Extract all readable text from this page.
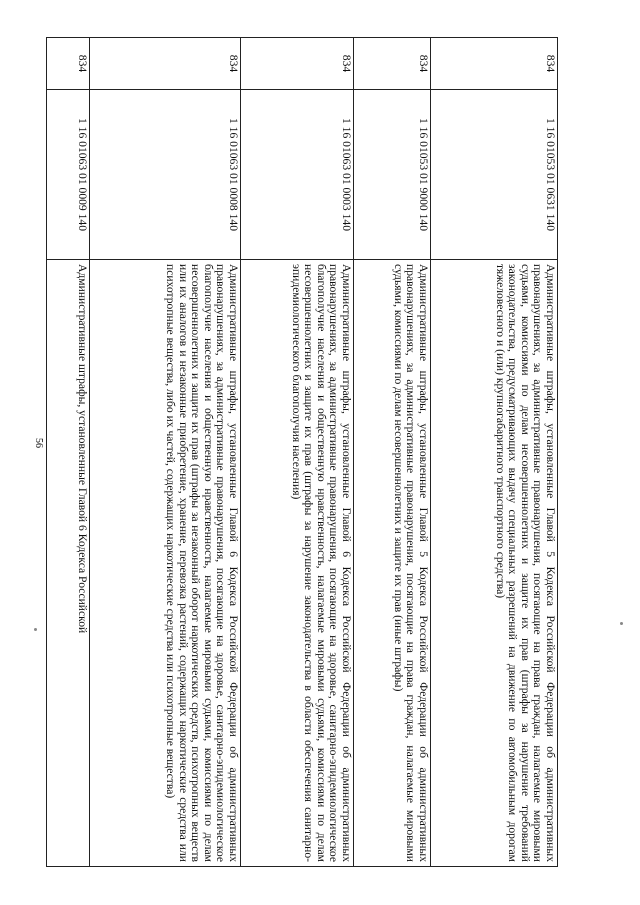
56
834	1 16 01053 01 0631 140	Административные штрафы, установленные Главой 5 Кодекса Российской Федерации об административных правонарушениях, за административные правонарушения, посягающие на права граждан, налагаемые мировыми судьями, комиссиями по делам несовершеннолетних и защите их прав (штрафы за нарушение требований законодательства, предусматривающих выдачу специальных разрешений на движение по автомобильным дорогам тяжеловесного и (или) крупногабаритного транспортного средства)
834	1 16 01053 01 9000 140	Административные штрафы, установленные Главой 5 Кодекса Российской Федерации об административных правонарушениях, за административные правонарушения, посягающие на права граждан, налагаемые мировыми судьями, комиссиями по делам несовершеннолетних и защите их прав (иные штрафы)
834	1 16 01063 01 0003 140	Административные штрафы, установленные Главой 6 Кодекса Российской Федерации об административных правонарушениях, за административные правонарушения, посягающие на здоровье, санитарно-эпидемиологическое благополучие населения и общественную нравственность, налагаемые мировыми судьями, комиссиями по делам несовершеннолетних и защите их прав (штрафы за нарушение законодательства в области обеспечения санитарно-эпидемиологического благополучия населения)
834	1 16 01063 01 0008 140	Административные штрафы, установленные Главой 6 Кодекса Российской Федерации об административных правонарушениях, за административные правонарушения, посягающие на здоровье, санитарно-эпидемиологическое благополучие населения и общественную нравственность, налагаемые мировыми судьями, комиссиями по делам несовершеннолетних и защите их прав (штрафы за незаконный оборот наркотических средств, психотропных веществ или их аналогов и незаконные приобретение, хранение, перевозка растений, содержащих наркотические средства или психотропные вещества, либо их частей, содержащих наркотические средства или психотропные вещества)
834	1 16 01063 01 0009 140	Административные штрафы, установленные Главой 6 Кодекса Российской
